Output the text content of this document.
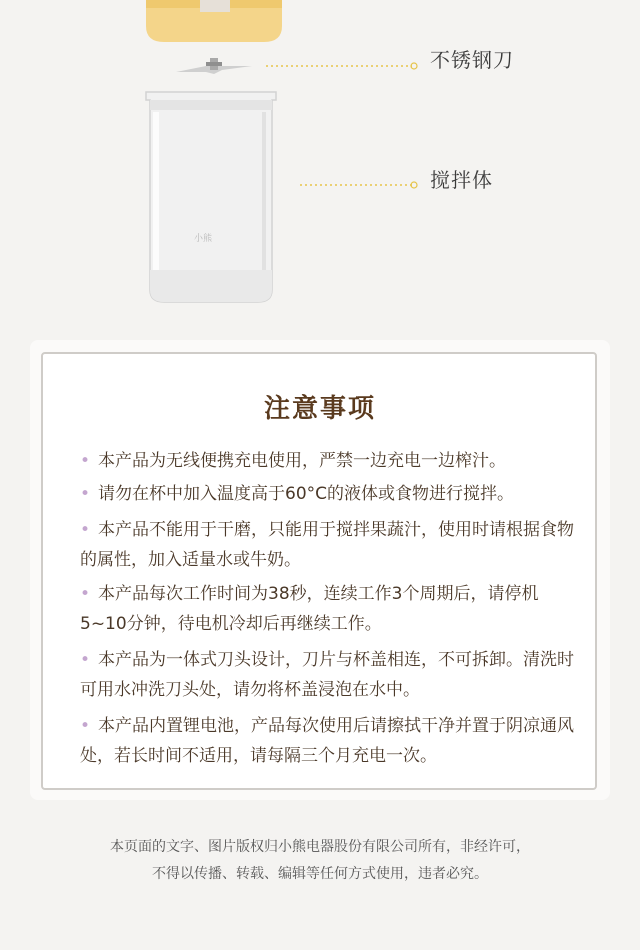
小熊
不锈钢刀
搅拌体
注意事项
• 本产品为无线便携充电使用，严禁一边充电一边榨汁。
• 请勿在杯中加入温度高于60°C的液体或食物进行搅拌。
• 本产品不能用于干磨，只能用于搅拌果蔬汁，使用时请根据食物的属性，加入适量水或牛奶。
• 本产品每次工作时间为38秒，连续工作3个周期后，请停机5~10分钟，待电机冷却后再继续工作。
• 本产品为一体式刀头设计，刀片与杯盖相连，不可拆卸。清洗时可用水冲洗刀头处，请勿将杯盖浸泡在水中。
• 本产品内置锂电池，产品每次使用后请擦拭干净并置于阴凉通风处，若长时间不适用，请每隔三个月充电一次。
本页面的文字、图片版权归小熊电器股份有限公司所有，非经许可，
不得以传播、转载、编辑等任何方式使用，违者必究。
